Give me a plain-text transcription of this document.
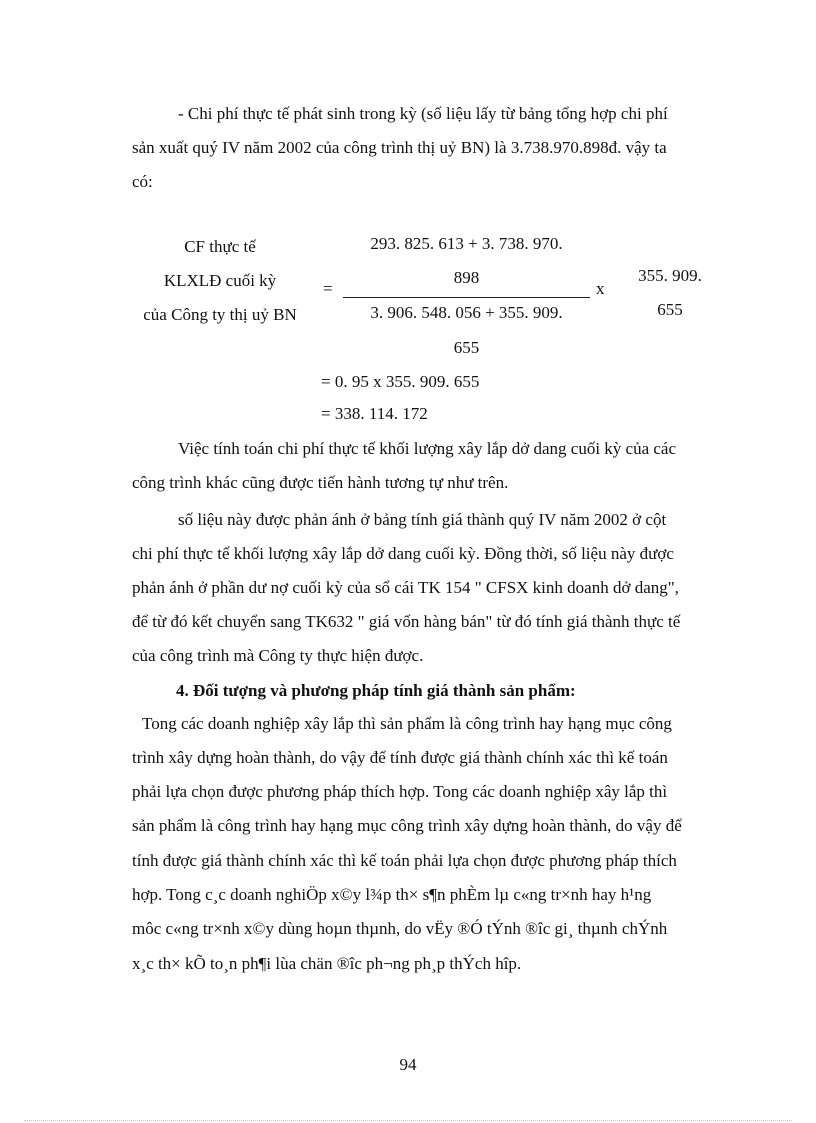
- Chi phí thực tế phát sinh trong kỳ (số liệu lấy từ bảng tổng hợp chi phí
sản xuất quý IV năm 2002 của công trình thị uỷ BN) là 3.738.970.898đ. vậy ta
có:
CF thực tế
KLXLĐ cuối kỳ
của Công ty thị uỷ BN
=
293. 825. 613 + 3. 738. 970.
898
3. 906. 548. 056 + 355. 909.
655
x
355. 909.
655
= 0. 95 x 355. 909. 655
= 338. 114. 172
Việc tính toán chi phí thực tế khối lượng xây lắp dở dang cuối kỳ của các
công trình khác cũng được tiến hành tương tự như trên.
số liệu này được phản ánh ở bảng tính giá thành quý IV năm 2002 ở cột
chi phí thực tế khối lượng xây lắp dở dang cuối kỳ. Đồng thời, số liệu này được
phản ánh ở phần dư nợ cuối kỳ của sổ cái TK 154 " CFSX kinh doanh dở dang",
để từ đó kết chuyển sang TK632 " giá vốn hàng bán" từ đó tính giá thành thực tế
của công trình mà Công ty thực hiện được.
4. Đối tượng và phương pháp tính giá thành sản phẩm:
Tong các doanh nghiệp xây lắp thì sản phẩm là công trình hay hạng mục công
trình xây dựng hoàn thành, do vậy để tính được giá thành chính xác thì kế toán
phải lựa chọn được phương pháp thích hợp. Tong các doanh nghiệp xây lắp thì
sản phẩm là công trình hay hạng mục công trình xây dựng hoàn thành, do vậy để
tính được giá thành chính xác thì kế toán phải lựa chọn được phương pháp thích
hợp. Tong c¸c doanh nghiÖp x©y l¾p th× s¶n phÈm lµ c«ng tr×nh hay h¹ng
môc c«ng tr×nh x©y dùng hoµn thµnh, do vËy ®Ó tÝnh ®îc gi¸ thµnh chÝnh
x¸c th× kÕ to¸n ph¶i lùa chän ®îc ph¬ng ph¸p thÝch hîp.
94
